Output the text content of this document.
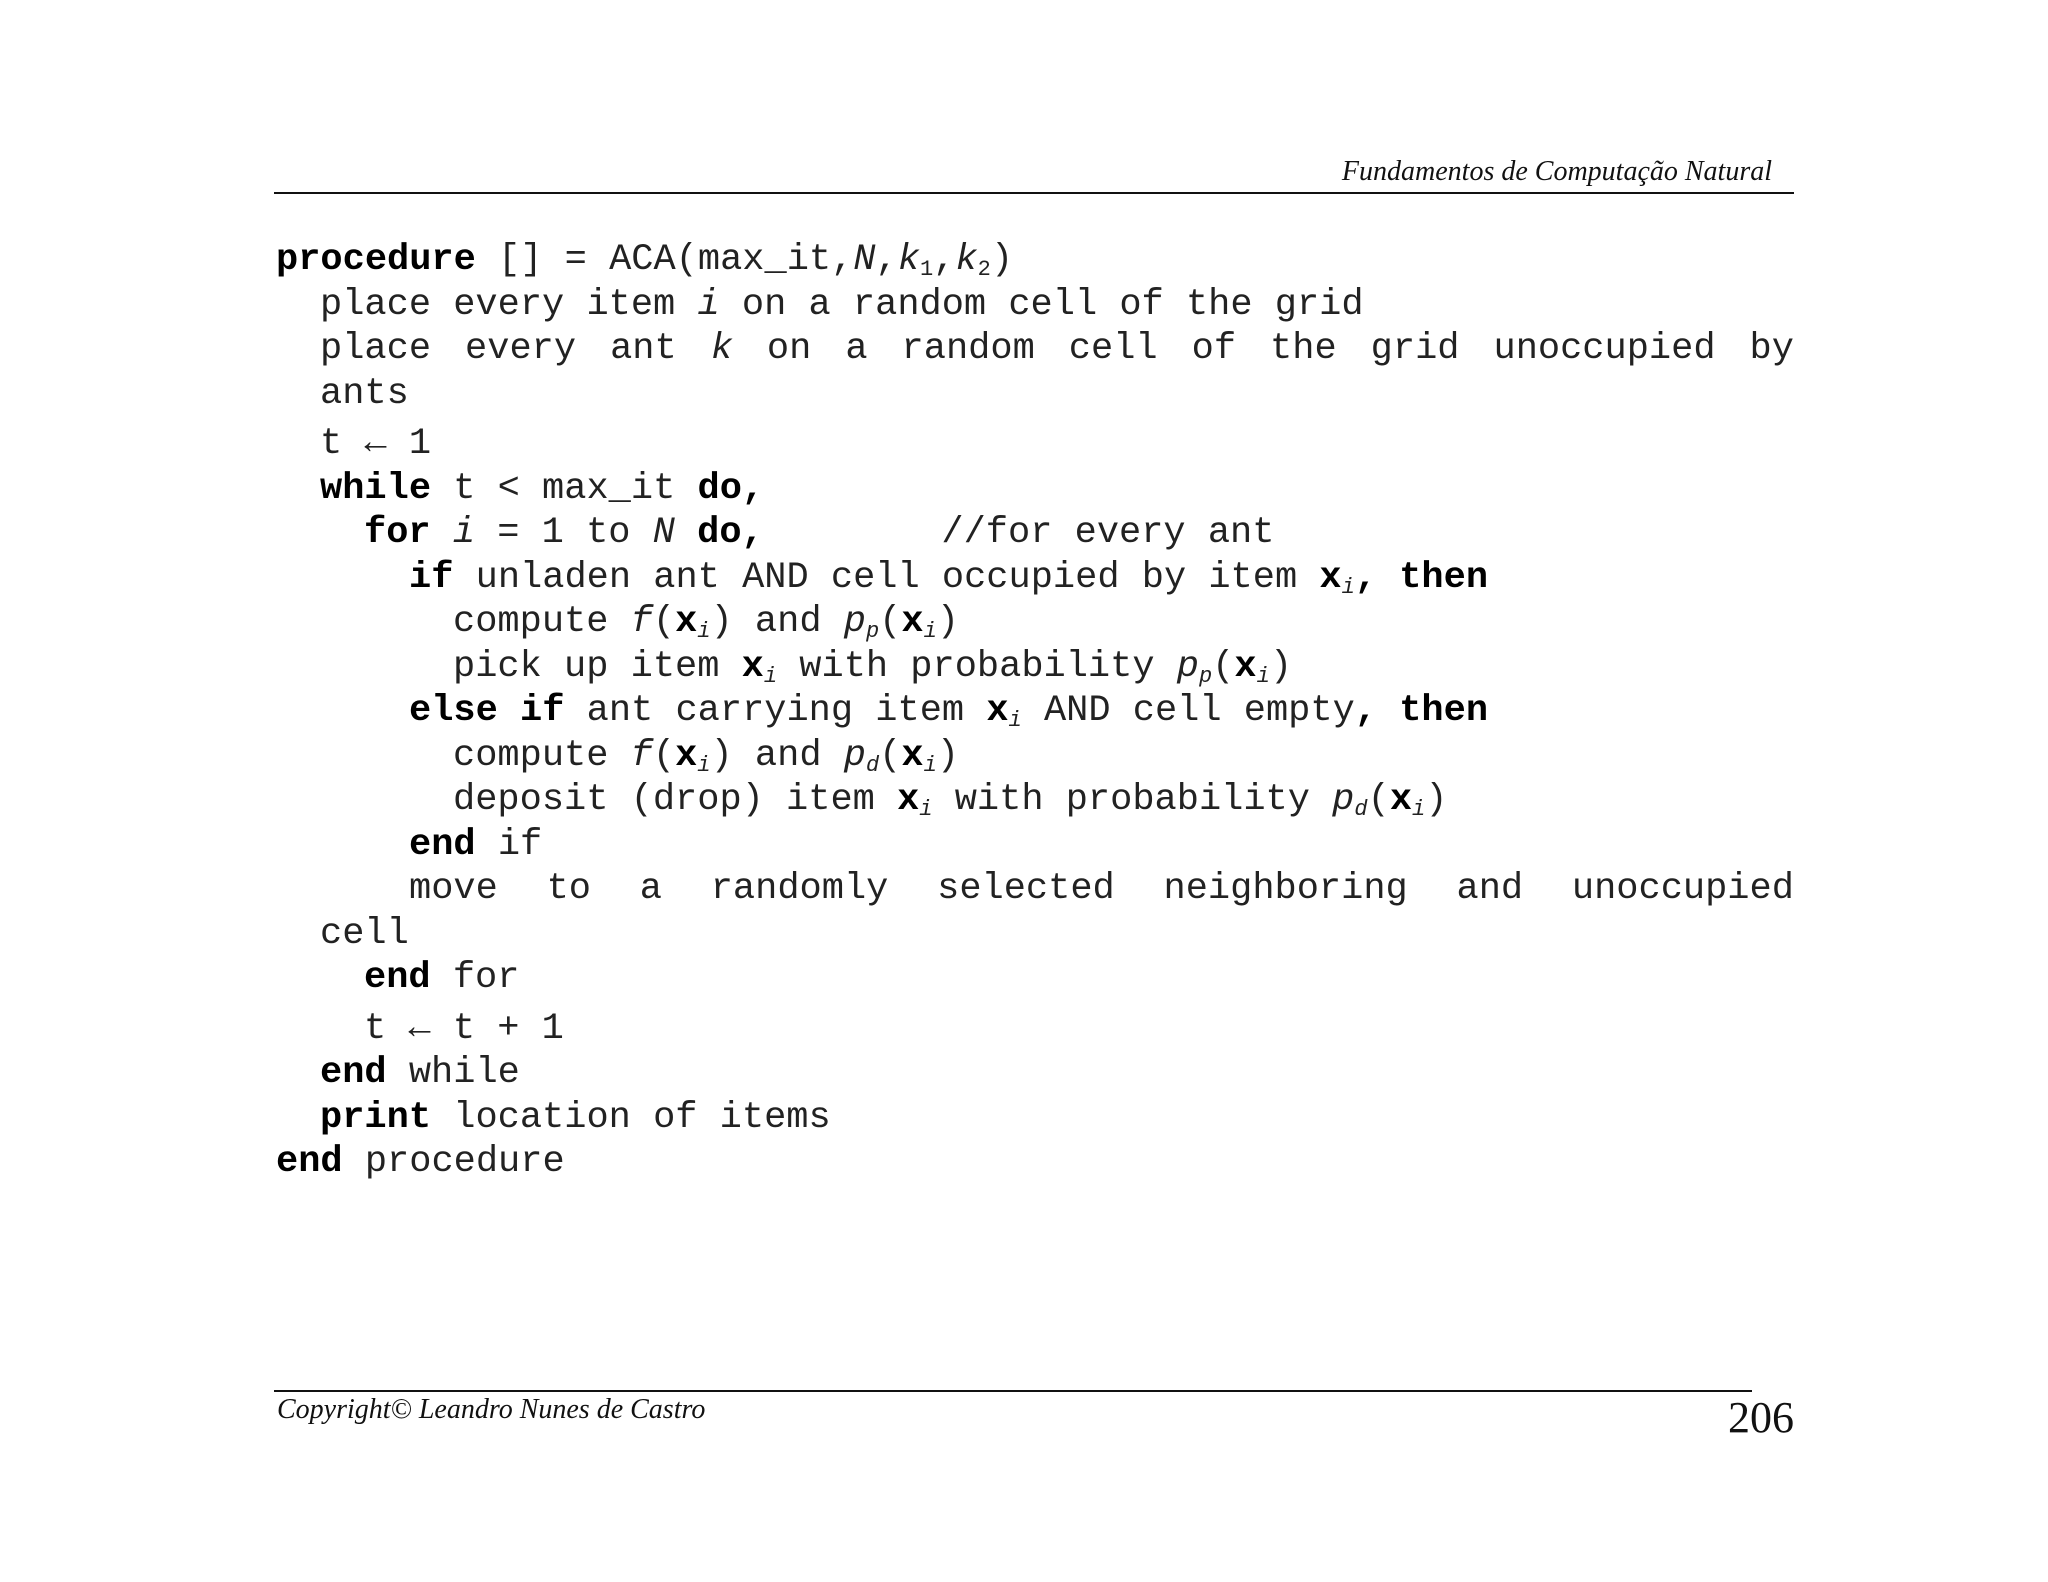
Fundamentos de Computação Natural
procedure [] = $ACA(\max\_it,N,k_1,k_2)$
place every item i on a random cell of the grid
place every ant k on a random cell of the grid unoccupied by
ants
t ← 1
while t < max_it do,
for i = 1 to N do,        //for every ant
if unladen ant AND cell occupied by item $x_i$, then
compute $f(x_i)$ and $p_p(x_i)$
pick up item $x_i$ with probability $p_p(x_i)$
else if ant carrying item $x_i$ AND cell empty, then
compute $f(x_i)$ and $p_d(x_i)$
deposit (drop) item $x_i$ with probability $p_d(x_i)$
end if
move to a randomly selected neighboring and unoccupied
cell
end for
t ← t + 1
end while
print location of items
end procedure
Copyright© Leandro Nunes de Castro	206
